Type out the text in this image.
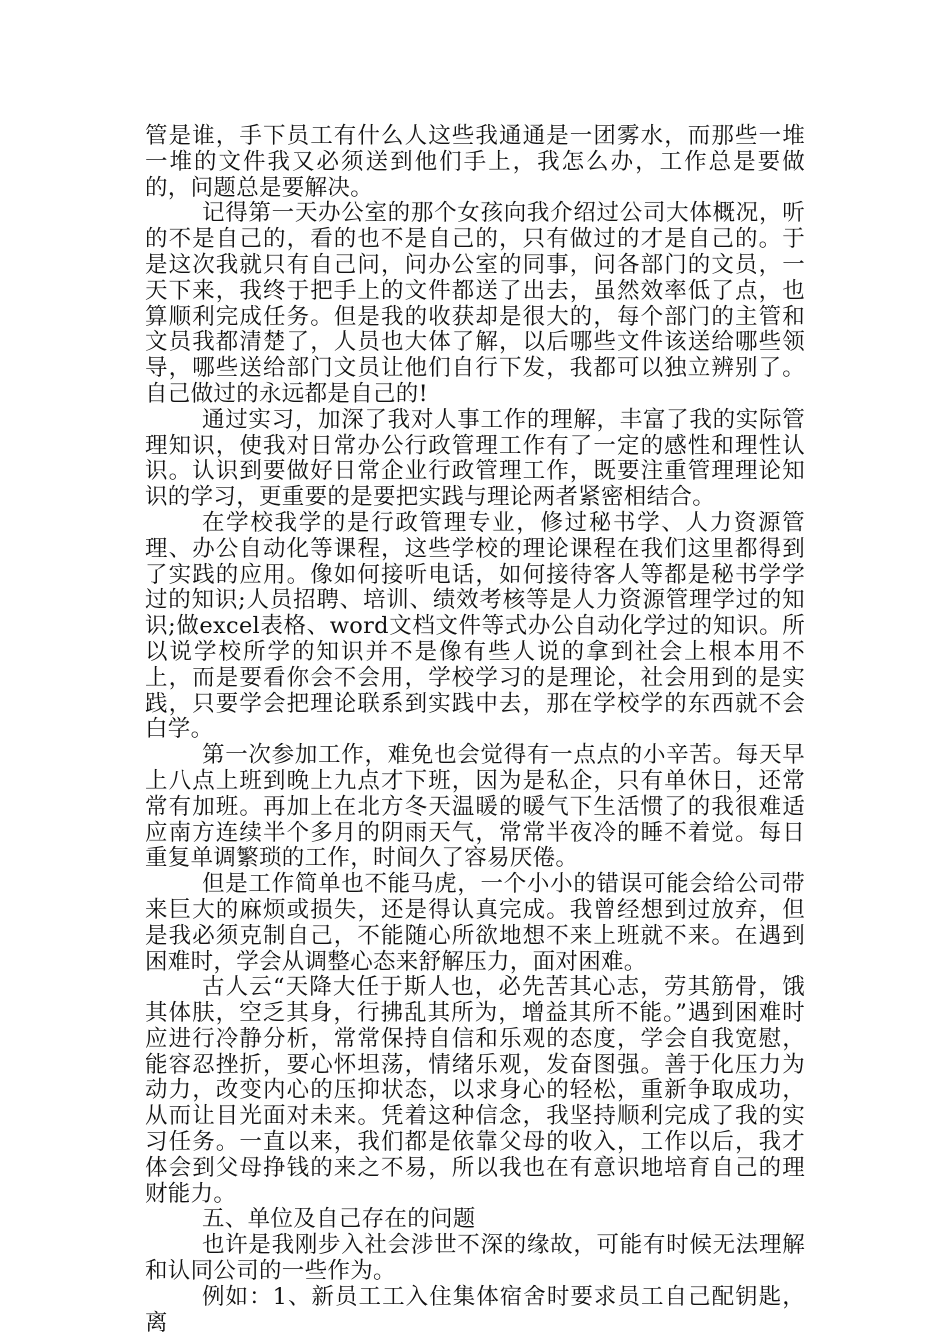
管是谁，手下员工有什么人这些我通通是一团雾水，而那些一堆一堆的文件我又必须送到他们手上，我怎么办，工作总是要做的，问题总是要解决。

记得第一天办公室的那个女孩向我介绍过公司大体概况，听的不是自己的，看的也不是自己的，只有做过的才是自己的。于是这次我就只有自己问，问办公室的同事，问各部门的文员，一天下来，我终于把手上的文件都送了出去，虽然效率低了点，也算顺利完成任务。但是我的收获却是很大的，每个部门的主管和文员我都清楚了，人员也大体了解，以后哪些文件该送给哪些领导，哪些送给部门文员让他们自行下发，我都可以独立辨别了。自己做过的永远都是自己的!

通过实习，加深了我对人事工作的理解，丰富了我的实际管理知识，使我对日常办公行政管理工作有了一定的感性和理性认识。认识到要做好日常企业行政管理工作，既要注重管理理论知识的学习，更重要的是要把实践与理论两者紧密相结合。

在学校我学的是行政管理专业，修过秘书学、人力资源管理、办公自动化等课程，这些学校的理论课程在我们这里都得到了实践的应用。像如何接听电话，如何接待客人等都是秘书学学过的知识;人员招聘、培训、绩效考核等是人力资源管理学过的知识;做excel表格、word文档文件等式办公自动化学过的知识。所以说学校所学的知识并不是像有些人说的拿到社会上根本用不上，而是要看你会不会用，学校学习的是理论，社会用到的是实践，只要学会把理论联系到实践中去，那在学校学的东西就不会白学。

第一次参加工作，难免也会觉得有一点点的小辛苦。每天早上八点上班到晚上九点才下班，因为是私企，只有单休日，还常常有加班。再加上在北方冬天温暖的暖气下生活惯了的我很难适应南方连续半个多月的阴雨天气，常常半夜冷的睡不着觉。每日重复单调繁琐的工作，时间久了容易厌倦。

但是工作简单也不能马虎，一个小小的错误可能会给公司带来巨大的麻烦或损失，还是得认真完成。我曾经想到过放弃，但是我必须克制自己，不能随心所欲地想不来上班就不来。在遇到困难时，学会从调整心态来舒解压力，面对困难。

古人云“天降大任于斯人也，必先苦其心志，劳其筋骨，饿其体肤，空乏其身，行拂乱其所为，增益其所不能。”遇到困难时应进行冷静分析，常常保持自信和乐观的态度，学会自我宽慰，能容忍挫折，要心怀坦荡，情绪乐观，发奋图强。善于化压力为动力，改变内心的压抑状态，以求身心的轻松，重新争取成功，从而让目光面对未来。凭着这种信念，我坚持顺利完成了我的实习任务。一直以来，我们都是依靠父母的收入，工作以后，我才体会到父母挣钱的来之不易，所以我也在有意识地培育自己的理财能力。

五、单位及自己存在的问题

也许是我刚步入社会涉世不深的缘故，可能有时候无法理解和认同公司的一些作为。

例如：1、新员工工入住集体宿舍时要求员工自己配钥匙，离
